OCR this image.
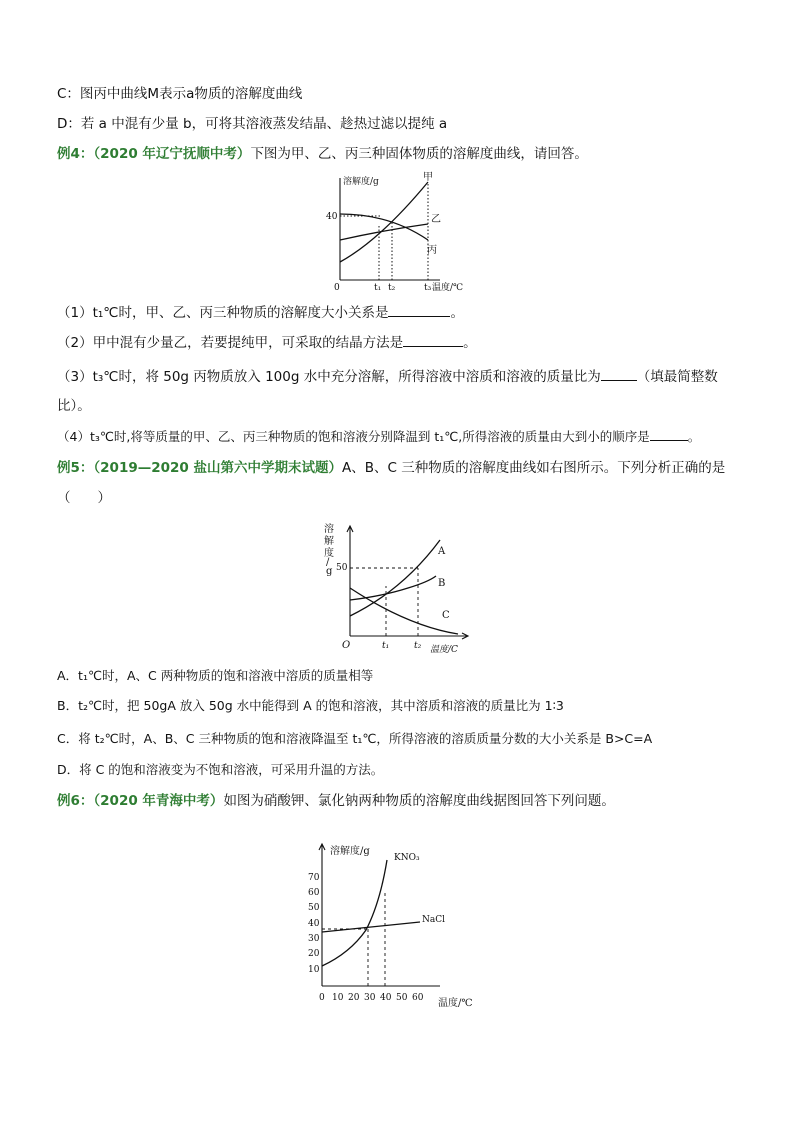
C：图丙中曲线M表示a物质的溶解度曲线
D：若 a 中混有少量 b，可将其溶液蒸发结晶、趁热过滤以提纯 a
例4：（2020 年辽宁抚顺中考）下图为甲、乙、丙三种固体物质的溶解度曲线，请回答。
溶解度/g
40
0
甲
乙
丙
t₁ t₂	t₃ 温度/℃
（1）t₁℃时，甲、乙、丙三种物质的溶解度大小关系是	。
（2）甲中混有少量乙，若要提纯甲，可采取的结晶方法是	。
（3）t₃℃时，将 50g 丙物质放入 100g 水中充分溶解，所得溶液中溶质和溶液的质量比为	（填最简整数
比）。
（4）t₃℃时,将等质量的甲、乙、丙三种物质的饱和溶液分别降温到 t₁℃,所得溶液的质量由大到小的顺序是	。
例5：（2019—2020 盐山第六中学期末试题）A、B、C 三种物质的溶解度曲线如右图所示。下列分析正确的是
（　　）
溶
解
度
/
g
O
50
A
B
C
t₁	t₂ 温度/C
A．t₁℃时，A、C 两种物质的饱和溶液中溶质的质量相等
B．t₂℃时，把 50gA 放入 50g 水中能得到 A 的饱和溶液，其中溶质和溶液的质量比为 1∶3
C．将 t₂℃时，A、B、C 三种物质的饱和溶液降温至 t₁℃，所得溶液的溶质质量分数的大小关系是 B>C=A
D．将 C 的饱和溶液变为不饱和溶液，可采用升温的方法。
例6：（2020 年青海中考）如图为硝酸钾、氯化钠两种物质的溶解度曲线据图回答下列问题。
溶解度/g
70
60
50
40
30
20
10
0 10 20 30 40 50 60 温度/℃
KNO₃
NaCl
